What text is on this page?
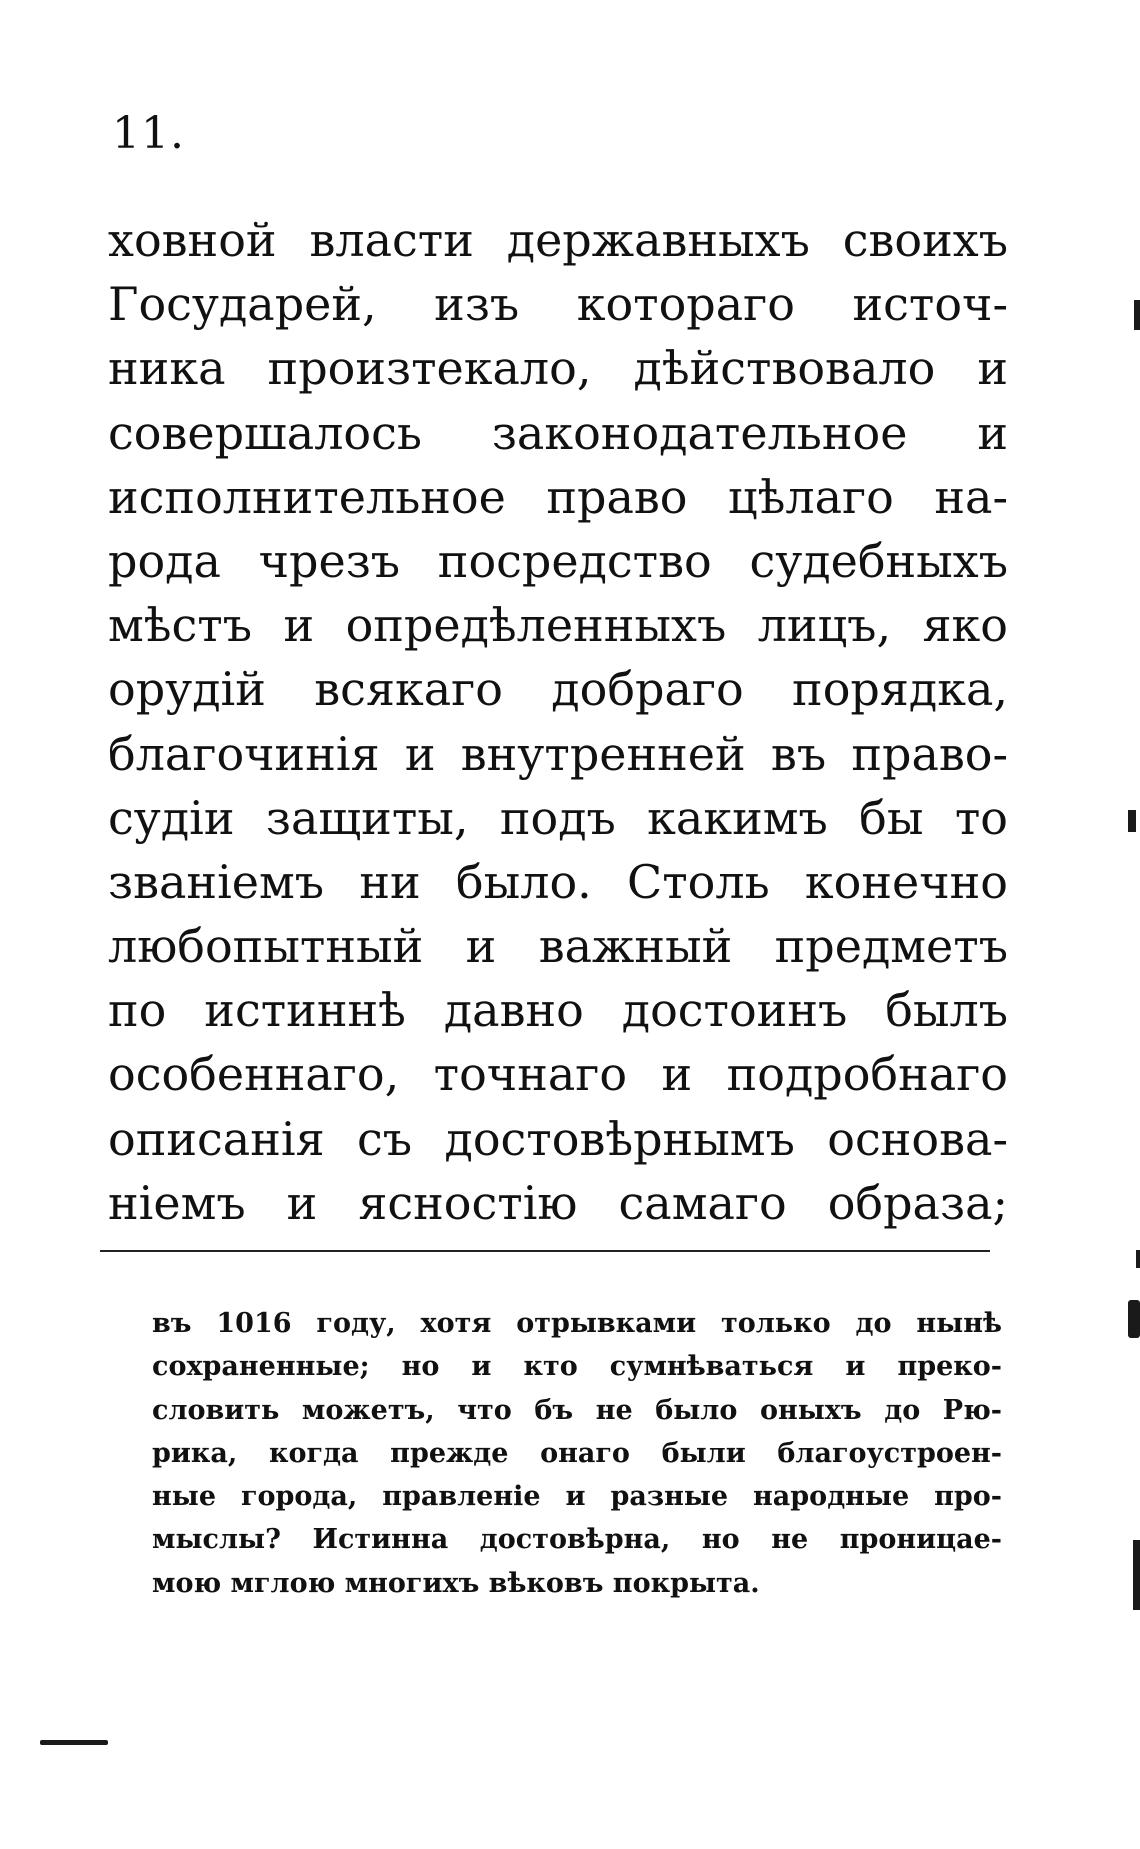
11.
ховной власти державныхъ своихъ
Государей, изъ котораго источ-
ника произтекало, дѣйствовало и
совершалось законодательное и
исполнительное право цѣлаго на-
рода чрезъ посредство судебныхъ
мѣстъ и опредѣленныхъ лицъ, яко
орудiй всякаго добраго порядка,
благочинiя и внутренней въ право-
судiи защиты, подъ какимъ бы то
званiемъ ни было. Столь конечно
любопытный и важный предметъ
по истиннѣ давно достоинъ былъ
особеннаго, точнаго и подробнаго
описанiя съ достовѣрнымъ основа-
нiемъ и ясностiю самаго образа;
въ 1016 году, хотя отрывками только до нынѣ
сохраненные; но и кто сумнѣваться и преко-
словить можетъ, что бъ не было оныхъ до Рю-
рика, когда прежде онаго были благоустроен-
ные города, правленiе и разные народные про-
мыслы? Истинна достовѣрна, но не проницае-
мою мглою многихъ вѣковъ покрыта.
